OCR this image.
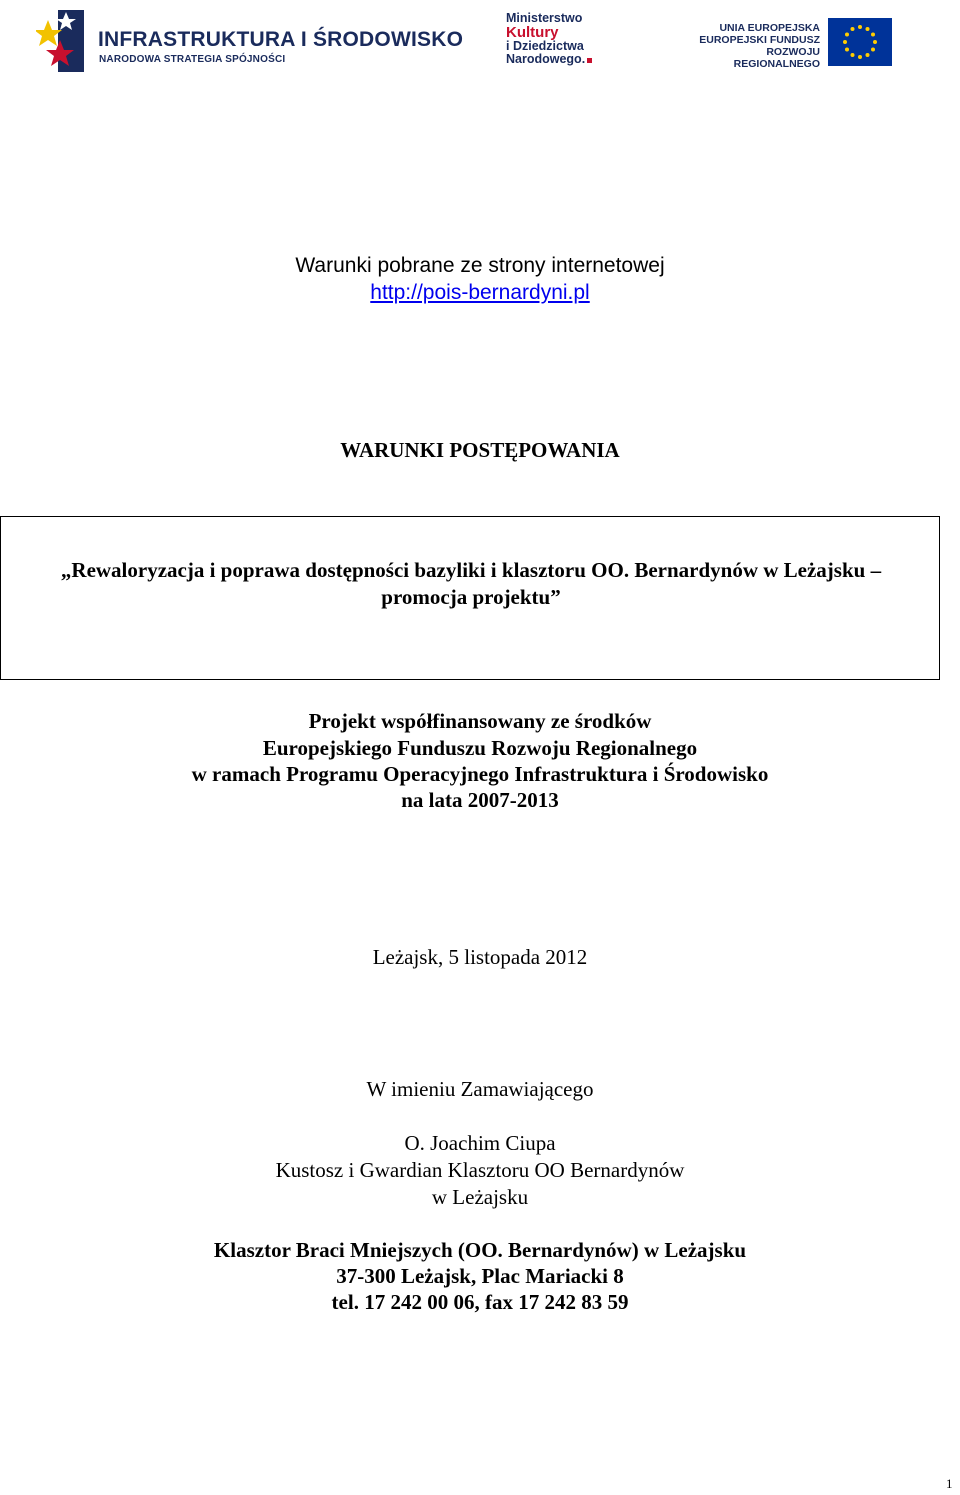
INFRASTRUKTURA I ŚRODOWISKO
NARODOWA STRATEGIA SPÓJNOŚCI
Ministerstwo
Kultury
i Dziedzictwa
Narodowego.
UNIA EUROPEJSKA
EUROPEJSKI FUNDUSZ
ROZWOJU REGIONALNEGO
Warunki pobrane ze strony internetowej
http://pois-bernardyni.pl
WARUNKI POSTĘPOWANIA
„Rewaloryzacja i poprawa dostępności bazyliki i klasztoru OO. Bernardynów w Leżajsku –
promocja projektu”
Projekt współfinansowany ze środków
Europejskiego Funduszu Rozwoju Regionalnego
w ramach Programu Operacyjnego Infrastruktura i Środowisko
na lata 2007-2013
Leżajsk, 5 listopada 2012
W imieniu Zamawiającego
O. Joachim Ciupa
Kustosz i Gwardian Klasztoru OO Bernardynów
w Leżajsku
Klasztor Braci Mniejszych (OO. Bernardynów) w Leżajsku
37-300 Leżajsk, Plac Mariacki 8
tel. 17 242 00 06, fax 17 242 83 59
1
